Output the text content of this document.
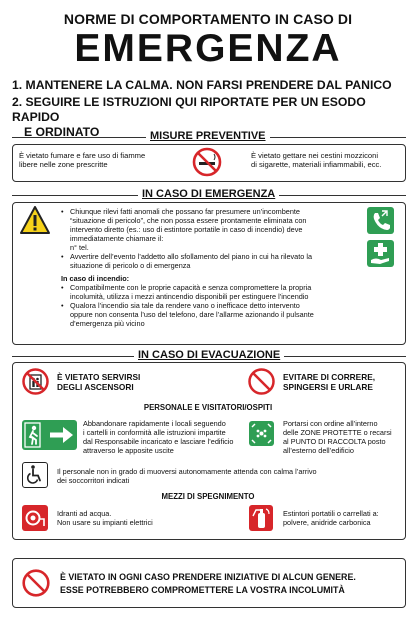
NORME DI COMPORTAMENTO IN CASO DI
EMERGENZA
1. MANTENERE LA CALMA. NON FARSI PRENDERE DAL PANICO
2. SEGUIRE LE ISTRUZIONI QUI RIPORTATE PER UN ESODO RAPIDO
E ORDINATO	MISURE PREVENTIVE
È vietato fumare e fare uso di fiamme
libere nelle zone prescritte
È vietato gettare nei cestini mozziconi
di sigarette, materiali infiammabili, ecc.
IN CASO DI EMERGENZA
• Chiunque rilevi fatti anomali che possano far presumere un’incombente
“situazione di pericolo”, che non possa essere prontamente eliminata con
intervento diretto (es.: uso di estintore portatile in caso di incendio) deve
immediatamente chiamare il:
n° tel.
• Avvertire dell’evento l’addetto allo sfollamento del piano in cui ha rilevato la
situazione di pericolo o di emergenza
In caso di incendio:
• Compatibilmente con le proprie capacità e senza compromettere la propria
incolumità, utilizza i mezzi antincendio disponibili per estinguere l’incendio
• Qualora l’incendio sia tale da rendere vano o inefficace detto intervento
oppure non consenta l’uso del telefono, dare l’allarme azionando il pulsante
d’emergenza più vicino
IN CASO DI EVACUAZIONE
È VIETATO SERVIRSI
DEGLI ASCENSORI
EVITARE DI CORRERE,
SPINGERSI E URLARE
PERSONALE E VISITATORI/OSPITI
Abbandonare rapidamente i locali seguendo
i cartelli in conformità alle istruzioni impartite
dal Responsabile incaricato e lasciare l’edificio
attraverso le apposite uscite
Portarsi con ordine all’interno
delle ZONE PROTETTE o recarsi
al PUNTO DI RACCOLTA posto
all’esterno dell’edificio
Il personale non in grado di muoversi autonomamente attenda con calma l’arrivo
dei soccorritori indicati
MEZZI DI SPEGNIMENTO
Idranti ad acqua.
Non usare su impianti elettrici
Estintori portatili o carrellati a:
polvere, anidride carbonica
È VIETATO IN OGNI CASO PRENDERE INIZIATIVE DI ALCUN GENERE.
ESSE POTREBBERO COMPROMETTERE LA VOSTRA INCOLUMITÀ
